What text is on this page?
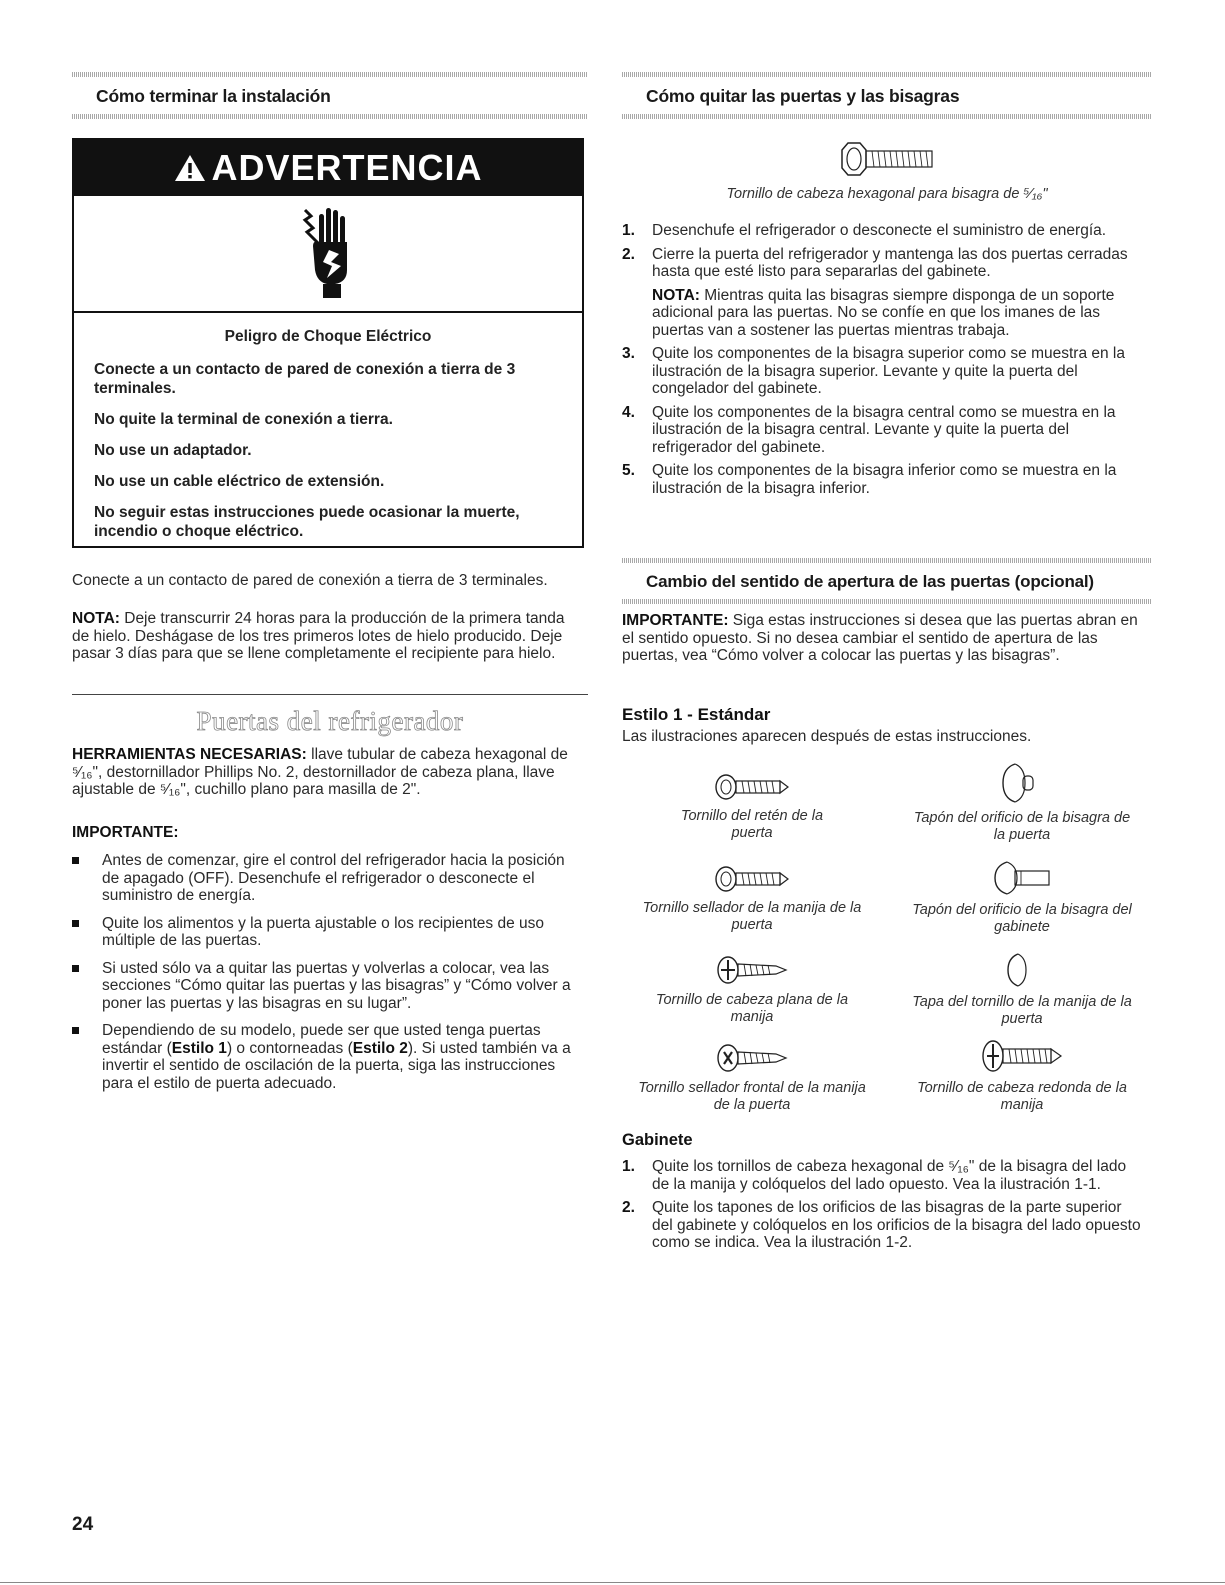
Cómo terminar la instalación
ADVERTENCIA

Peligro de Choque Eléctrico

Conecte a un contacto de pared de conexión a tierra de 3 terminales.

No quite la terminal de conexión a tierra.

No use un adaptador.

No use un cable eléctrico de extensión.

No seguir estas instrucciones puede ocasionar la muerte, incendio o choque eléctrico.

Conecte a un contacto de pared de conexión a tierra de 3 terminales.

NOTA: Deje transcurrir 24 horas para la producción de la primera tanda de hielo. Deshágase de los tres primeros lotes de hielo producido. Deje pasar 3 días para que se llene completamente el recipiente para hielo.

Puertas del refrigerador

HERRAMIENTAS NECESARIAS: llave tubular de cabeza hexagonal de ⁵⁄₁₆", destornillador Phillips No. 2, destornillador de cabeza plana, llave ajustable de ⁵⁄₁₆", cuchillo plano para masilla de 2".

IMPORTANTE:

Antes de comenzar, gire el control del refrigerador hacia la posición de apagado (OFF). Desenchufe el refrigerador o desconecte el suministro de energía.
Quite los alimentos y la puerta ajustable o los recipientes de uso múltiple de las puertas.
Si usted sólo va a quitar las puertas y volverlas a colocar, vea las secciones “Cómo quitar las puertas y las bisagras” y “Cómo volver a poner las puertas y las bisagras en su lugar”.
Dependiendo de su modelo, puede ser que usted tenga puertas estándar (Estilo 1) o contorneadas (Estilo 2). Si usted también va a invertir el sentido de oscilación de la puerta, siga las instrucciones para el estilo de puerta adecuado.
Cómo quitar las puertas y las bisagras
Tornillo de cabeza hexagonal para bisagra de ⁵⁄₁₆"
1. Desenchufe el refrigerador o desconecte el suministro de energía.
2. Cierre la puerta del refrigerador y mantenga las dos puertas cerradas hasta que esté listo para separarlas del gabinete.
NOTA: Mientras quita las bisagras siempre disponga de un soporte adicional para las puertas. No se confíe en que los imanes de las puertas van a sostener las puertas mientras trabaja.
3. Quite los componentes de la bisagra superior como se muestra en la ilustración de la bisagra superior. Levante y quite la puerta del congelador del gabinete.
4. Quite los componentes de la bisagra central como se muestra en la ilustración de la bisagra central. Levante y quite la puerta del refrigerador del gabinete.
5. Quite los componentes de la bisagra inferior como se muestra en la ilustración de la bisagra inferior.
Cambio del sentido de apertura de las puertas (opcional)

IMPORTANTE: Siga estas instrucciones si desea que las puertas abran en el sentido opuesto. Si no desea cambiar el sentido de apertura de las puertas, vea “Cómo volver a colocar las puertas y las bisagras”.

Estilo 1 - Estándar

Las ilustraciones aparecen después de estas instrucciones.

Tornillo del retén de la puerta
Tapón del orificio de la bisagra de la puerta
Tornillo sellador de la manija de la puerta
Tapón del orificio de la bisagra del gabinete
Tornillo de cabeza plana de la manija
Tapa del tornillo de la manija de la puerta
Tornillo sellador frontal de la manija de la puerta
Tornillo de cabeza redonda de la manija

Gabinete

1. Quite los tornillos de cabeza hexagonal de ⁵⁄₁₆" de la bisagra del lado de la manija y colóquelos del lado opuesto. Vea la ilustración 1-1.
2. Quite los tapones de los orificios de las bisagras de la parte superior del gabinete y colóquelos en los orificios de la bisagra del lado opuesto como se indica. Vea la ilustración 1-2.
24
